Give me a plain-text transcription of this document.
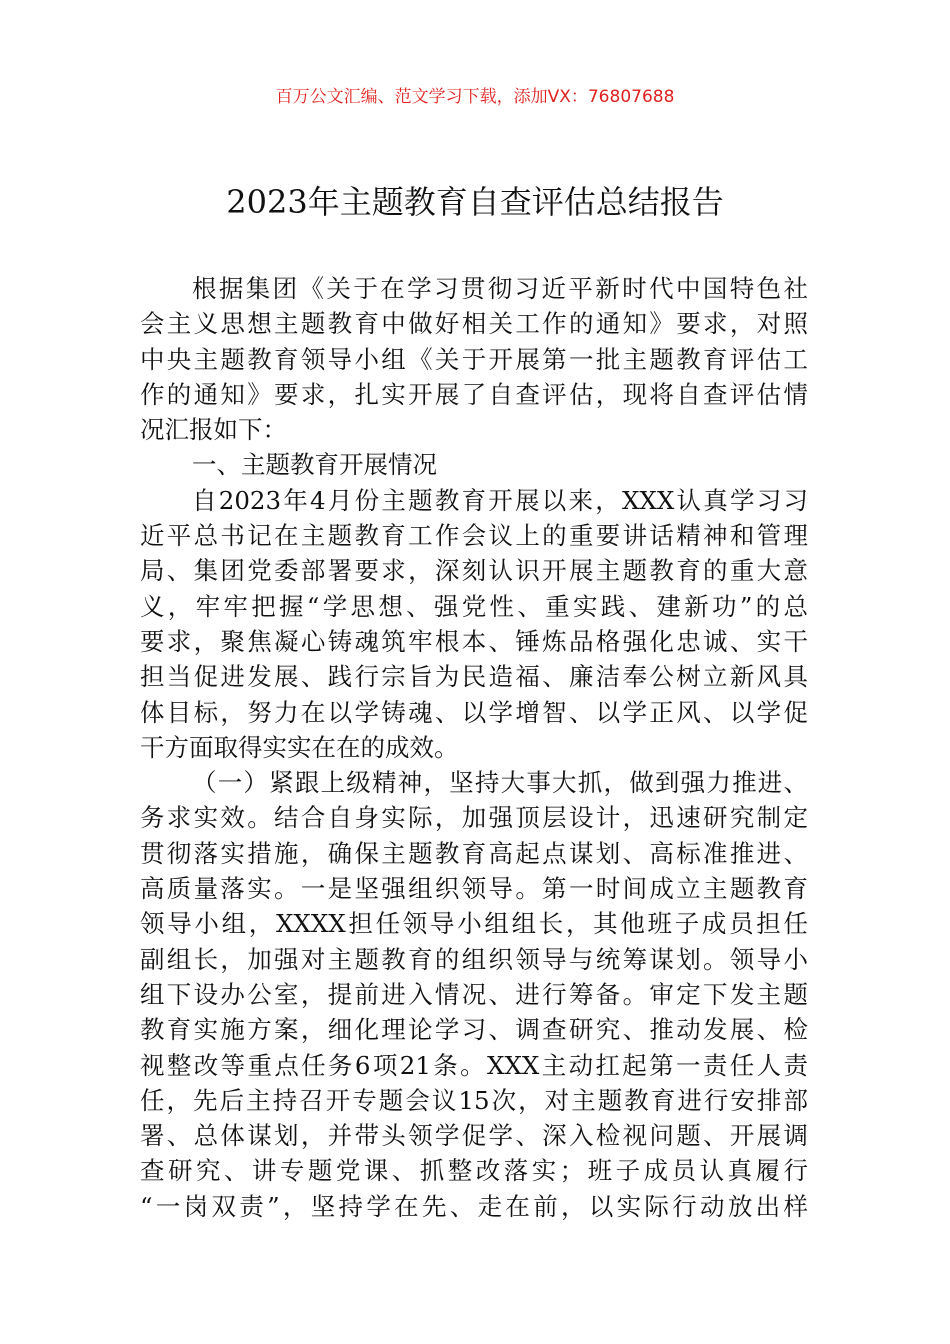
百万公文汇编、范文学习下载，添加VX：76807688
2023年主题教育自查评估总结报告
根据集团《关于在学习贯彻习近平新时代中国特色社
会主义思想主题教育中做好相关工作的通知》要求，对照
中央主题教育领导小组《关于开展第一批主题教育评估工
作的通知》要求，扎实开展了自查评估，现将自查评估情
况汇报如下：
一、主题教育开展情况
自2023年4月份主题教育开展以来，XXX认真学习习
近平总书记在主题教育工作会议上的重要讲话精神和管理
局、集团党委部署要求，深刻认识开展主题教育的重大意
义，牢牢把握“学思想、强党性、重实践、建新功”的总
要求，聚焦凝心铸魂筑牢根本、锤炼品格强化忠诚、实干
担当促进发展、践行宗旨为民造福、廉洁奉公树立新风具
体目标，努力在以学铸魂、以学增智、以学正风、以学促
干方面取得实实在在的成效。
（一）紧跟上级精神，坚持大事大抓，做到强力推进、
务求实效。结合自身实际，加强顶层设计，迅速研究制定
贯彻落实措施，确保主题教育高起点谋划、高标准推进、
高质量落实。一是坚强组织领导。第一时间成立主题教育
领导小组，XXXX担任领导小组组长，其他班子成员担任
副组长，加强对主题教育的组织领导与统筹谋划。领导小
组下设办公室，提前进入情况、进行筹备。审定下发主题
教育实施方案，细化理论学习、调查研究、推动发展、检
视整改等重点任务6项21条。XXX主动扛起第一责任人责
任，先后主持召开专题会议15次，对主题教育进行安排部
署、总体谋划，并带头领学促学、深入检视问题、开展调
查研究、讲专题党课、抓整改落实；班子成员认真履行
“一岗双责”，坚持学在先、走在前，以实际行动放出样
